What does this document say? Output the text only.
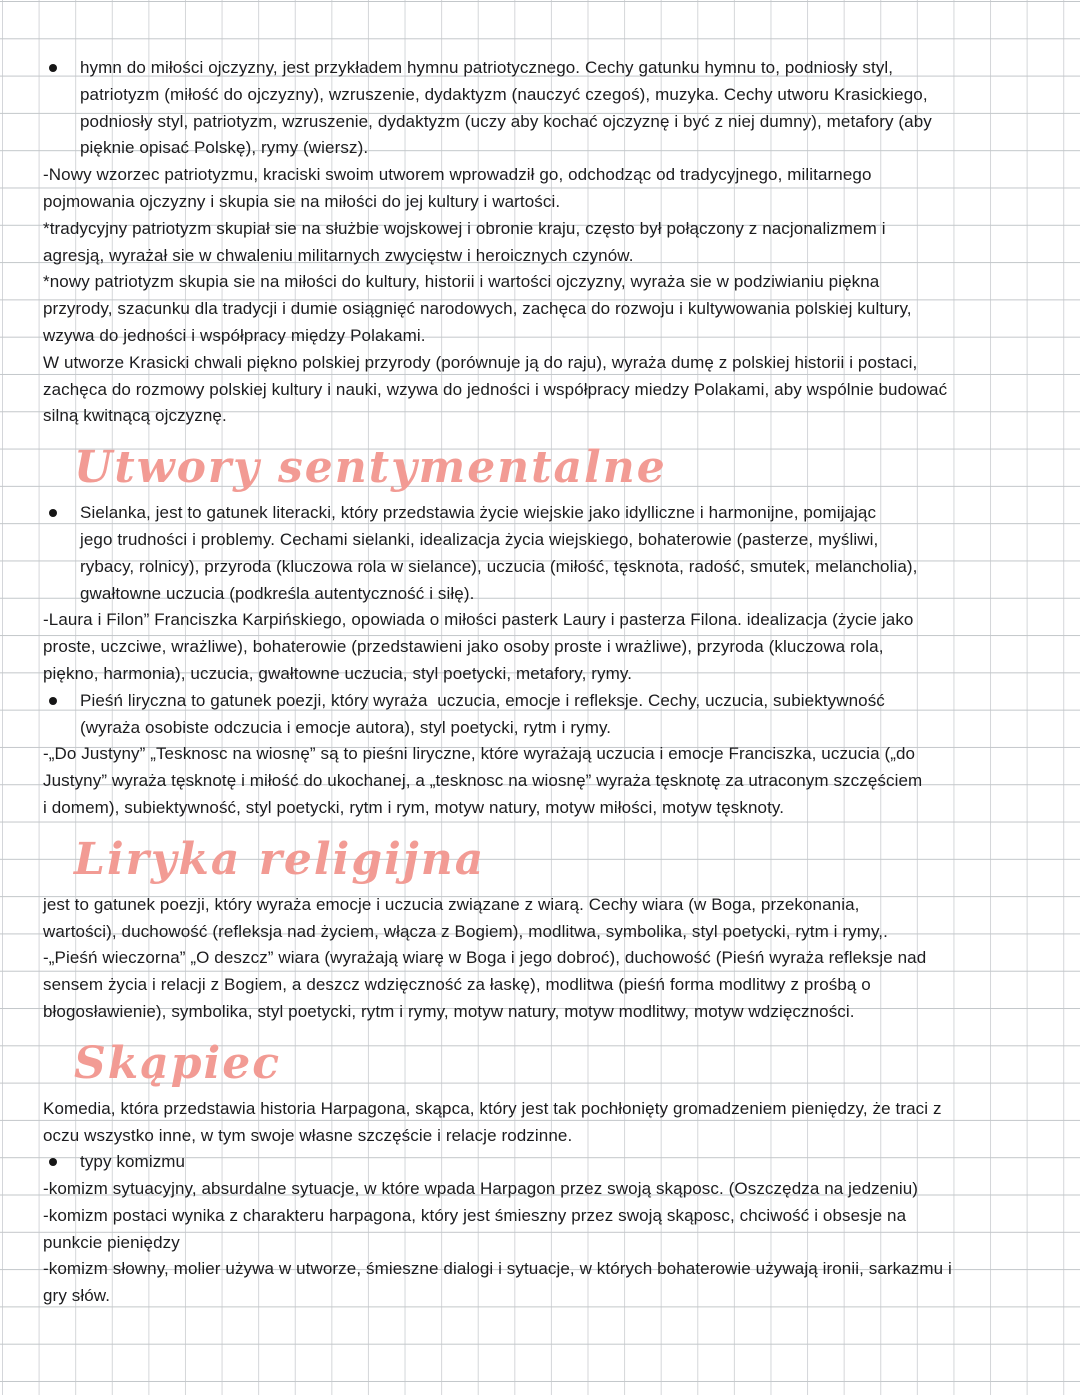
hymn do miłości ojczyzny, jest przykładem hymnu patriotycznego. Cechy gatunku hymnu to, podniosły styl,
patriotyzm (miłość do ojczyzny), wzruszenie, dydaktyzm (nauczyć czegoś), muzyka. Cechy utworu Krasickiego,
podniosły styl, patriotyzm, wzruszenie, dydaktyzm (uczy aby kochać ojczyznę i być z niej dumny), metafory (aby
pięknie opisać Polskę), rymy (wiersz).
-Nowy wzorzec patriotyzmu, kraciski swoim utworem wprowadził go, odchodząc od tradycyjnego, militarnego
pojmowania ojczyzny i skupia sie na miłości do jej kultury i wartości.
*tradycyjny patriotyzm skupiał sie na służbie wojskowej i obronie kraju, często był połączony z nacjonalizmem i
agresją, wyrażał sie w chwaleniu militarnych zwycięstw i heroicznych czynów.
*nowy patriotyzm skupia sie na miłości do kultury, historii i wartości ojczyzny, wyraża sie w podziwianiu piękna
przyrody, szacunku dla tradycji i dumie osiągnięć narodowych, zachęca do rozwoju i kultywowania polskiej kultury,
wzywa do jedności i współpracy między Polakami.
W utworze Krasicki chwali piękno polskiej przyrody (porównuje ją do raju), wyraża dumę z polskiej historii i postaci,
zachęca do rozmowy polskiej kultury i nauki, wzywa do jedności i współpracy miedzy Polakami, aby wspólnie budować
silną kwitnącą ojczyznę.
Utwory sentymentalne
Sielanka, jest to gatunek literacki, który przedstawia życie wiejskie jako idylliczne i harmonijne, pomijając
jego trudności i problemy. Cechami sielanki, idealizacja życia wiejskiego, bohaterowie (pasterze, myśliwi,
rybacy, rolnicy), przyroda (kluczowa rola w sielance), uczucia (miłość, tęsknota, radość, smutek, melancholia),
gwałtowne uczucia (podkreśla autentyczność i siłę).
-Laura i Filon” Franciszka Karpińskiego, opowiada o miłości pasterk Laury i pasterza Filona. idealizacja (życie jako
proste, uczciwe, wrażliwe), bohaterowie (przedstawieni jako osoby proste i wrażliwe), przyroda (kluczowa rola,
piękno, harmonia), uczucia, gwałtowne uczucia, styl poetycki, metafory, rymy.
Pieśń liryczna to gatunek poezji, który wyraża  uczucia, emocje i refleksje. Cechy, uczucia, subiektywność
(wyraża osobiste odczucia i emocje autora), styl poetycki, rytm i rymy.
-„Do Justyny” „Tesknosc na wiosnę” są to pieśni liryczne, które wyrażają uczucia i emocje Franciszka, uczucia („do
Justyny” wyraża tęsknotę i miłość do ukochanej, a „tesknosc na wiosnę” wyraża tęsknotę za utraconym szczęściem
i domem), subiektywność, styl poetycki, rytm i rym, motyw natury, motyw miłości, motyw tęsknoty.
Liryka religijna
jest to gatunek poezji, który wyraża emocje i uczucia związane z wiarą. Cechy wiara (w Boga, przekonania,
wartości), duchowość (refleksja nad życiem, włącza z Bogiem), modlitwa, symbolika, styl poetycki, rytm i rymy,.
-„Pieśń wieczorna” „O deszcz” wiara (wyrażają wiarę w Boga i jego dobroć), duchowość (Pieśń wyraża refleksje nad
sensem życia i relacji z Bogiem, a deszcz wdzięczność za łaskę), modlitwa (pieśń forma modlitwy z prośbą o
błogosławienie), symbolika, styl poetycki, rytm i rymy, motyw natury, motyw modlitwy, motyw wdzięczności.
Skąpiec
Komedia, która przedstawia historia Harpagona, skąpca, który jest tak pochłonięty gromadzeniem pieniędzy, że traci z
oczu wszystko inne, w tym swoje własne szczęście i relacje rodzinne.
typy komizmu
-komizm sytuacyjny, absurdalne sytuacje, w które wpada Harpagon przez swoją skąposc. (Oszczędza na jedzeniu)
-komizm postaci wynika z charakteru harpagona, który jest śmieszny przez swoją skąposc, chciwość i obsesje na
punkcie pieniędzy
-komizm słowny, molier używa w utworze, śmieszne dialogi i sytuacje, w których bohaterowie używają ironii, sarkazmu i
gry słów.
